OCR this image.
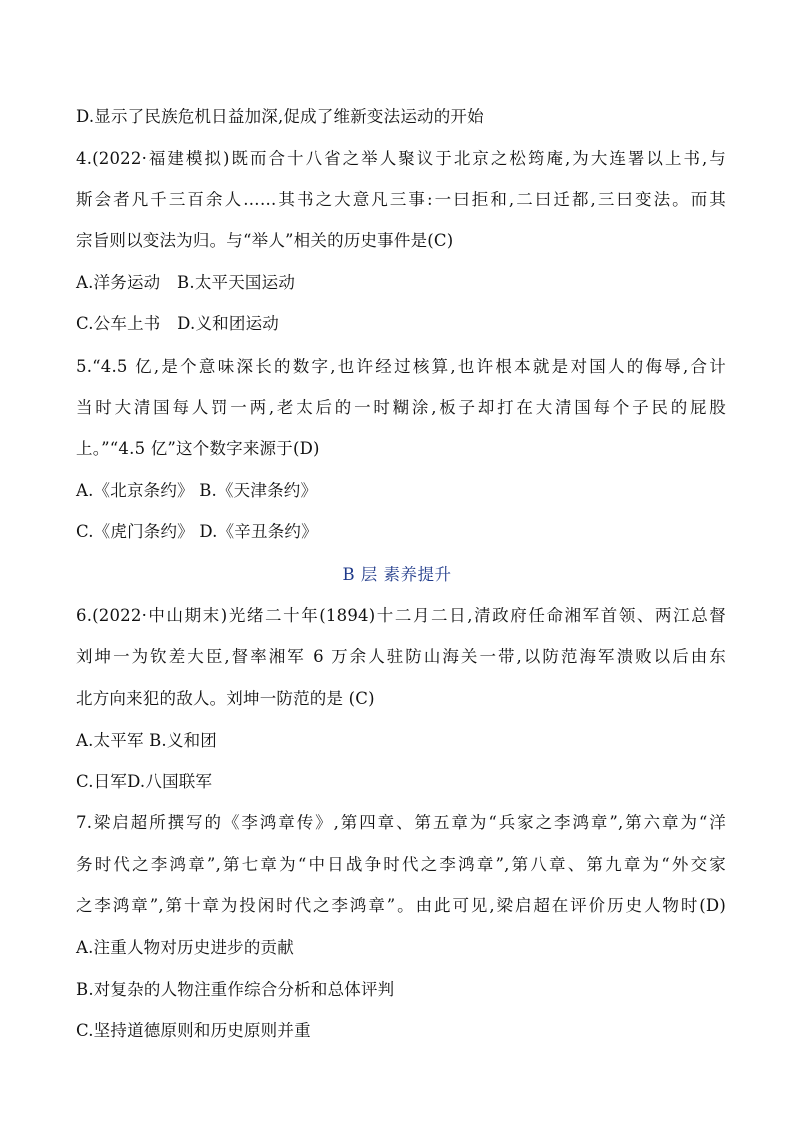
D.显示了民族危机日益加深,促成了维新变法运动的开始
4.(2022·福建模拟)既而合十八省之举人聚议于北京之松筠庵,为大连署以上书,与
斯会者凡千三百余人……其书之大意凡三事:一曰拒和,二曰迁都,三曰变法。而其
宗旨则以变法为归。与“举人”相关的历史事件是(C)
A.洋务运动　B.太平天国运动
C.公车上书　D.义和团运动
5.“4.5 亿,是个意味深长的数字,也许经过核算,也许根本就是对国人的侮辱,合计
当时大清国每人罚一两,老太后的一时糊涂,板子却打在大清国每个子民的屁股
上。”“4.5 亿”这个数字来源于(D)
A.《北京条约》 B.《天津条约》
C.《虎门条约》 D.《辛丑条约》
B 层 素养提升
6.(2022·中山期末)光绪二十年(1894)十二月二日,清政府任命湘军首领、两江总督
刘坤一为钦差大臣,督率湘军 6 万余人驻防山海关一带,以防范海军溃败以后由东
北方向来犯的敌人。刘坤一防范的是 (C)
A.太平军 B.义和团
C.日军D.八国联军
7.梁启超所撰写的《李鸿章传》,第四章、第五章为“兵家之李鸿章”,第六章为“洋
务时代之李鸿章”,第七章为“中日战争时代之李鸿章”,第八章、第九章为“外交家
之李鸿章”,第十章为投闲时代之李鸿章”。由此可见,梁启超在评价历史人物时(D)
A.注重人物对历史进步的贡献
B.对复杂的人物注重作综合分析和总体评判
C.坚持道德原则和历史原则并重
